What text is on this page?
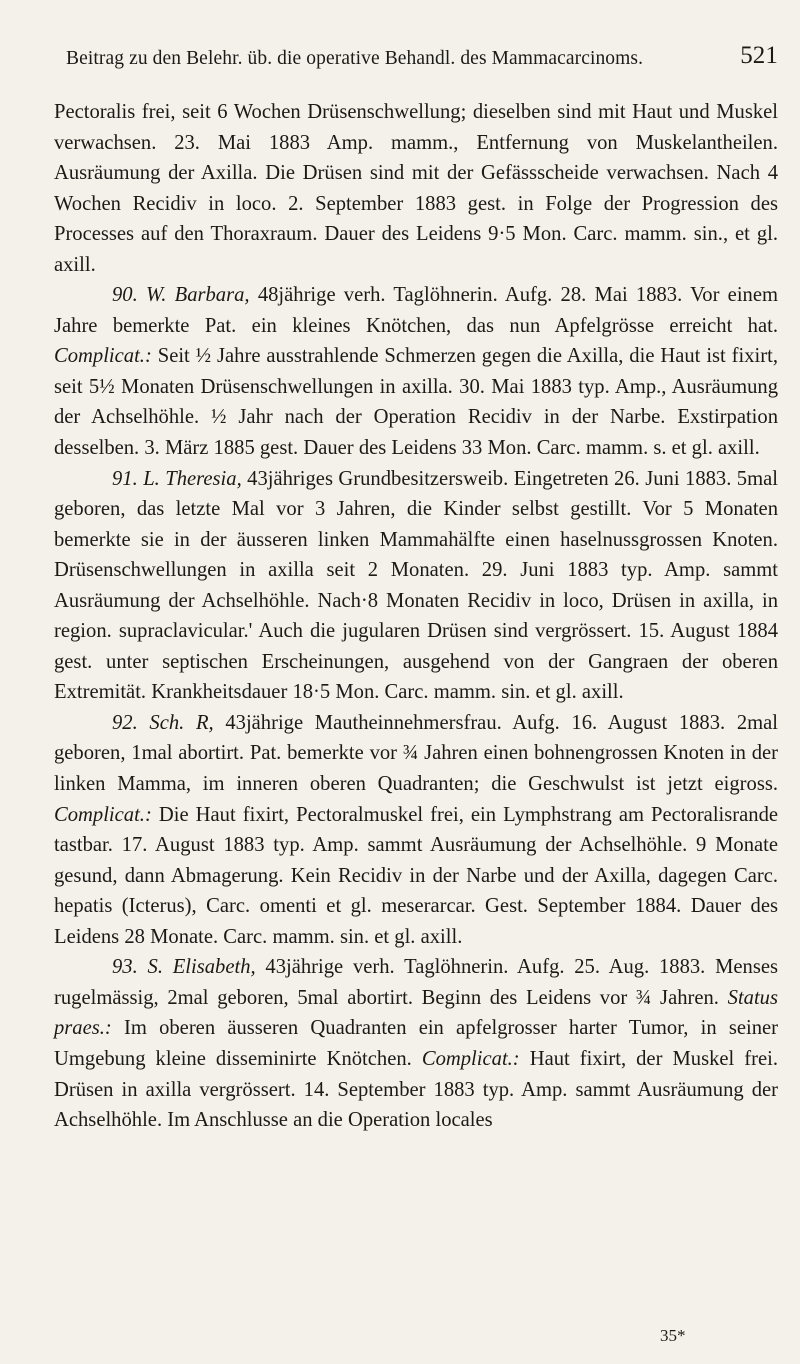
Beitrag zu den Belehr. üb. die operative Behandl. des Mammacarcinoms.	521

Pectoralis frei, seit 6 Wochen Drüsenschwellung; dieselben sind mit Haut und Muskel verwachsen. 23. Mai 1883 Amp. mamm., Entfernung von Muskelantheilen. Ausräumung der Axilla. Die Drüsen sind mit der Gefässscheide verwachsen. Nach 4 Wochen Recidiv in loco. 2. September 1883 gest. in Folge der Progression des Processes auf den Thoraxraum. Dauer des Leidens 9·5 Mon. Carc. mamm. sin., et gl. axill.

90. W. Barbara, 48jährige verh. Taglöhnerin. Aufg. 28. Mai 1883. Vor einem Jahre bemerkte Pat. ein kleines Knötchen, das nun Apfelgrösse erreicht hat. Complicat.: Seit ½ Jahre ausstrahlende Schmerzen gegen die Axilla, die Haut ist fixirt, seit 5½ Monaten Drüsenschwellungen in axilla. 30. Mai 1883 typ. Amp., Ausräumung der Achselhöhle. ½ Jahr nach der Operation Recidiv in der Narbe. Exstirpation desselben. 3. März 1885 gest. Dauer des Leidens 33 Mon. Carc. mamm. s. et gl. axill.

91. L. Theresia, 43jähriges Grundbesitzersweib. Eingetreten 26. Juni 1883. 5mal geboren, das letzte Mal vor 3 Jahren, die Kinder selbst gestillt. Vor 5 Monaten bemerkte sie in der äusseren linken Mammahälfte einen haselnussgrossen Knoten. Drüsenschwellungen in axilla seit 2 Monaten. 29. Juni 1883 typ. Amp. sammt Ausräumung der Achselhöhle. Nach·8 Monaten Recidiv in loco, Drüsen in axilla, in region. supraclavicular.' Auch die jugularen Drüsen sind vergrössert. 15. August 1884 gest. unter septischen Erscheinungen, ausgehend von der Gangraen der oberen Extremität. Krankheitsdauer 18·5 Mon. Carc. mamm. sin. et gl. axill.

92. Sch. R, 43jährige Mautheinnehmersfrau. Aufg. 16. August 1883. 2mal geboren, 1mal abortirt. Pat. bemerkte vor ¾ Jahren einen bohnengrossen Knoten in der linken Mamma, im inneren oberen Quadranten; die Geschwulst ist jetzt eigross. Complicat.: Die Haut fixirt, Pectoralmuskel frei, ein Lymphstrang am Pectoralisrande tastbar. 17. August 1883 typ. Amp. sammt Ausräumung der Achselhöhle. 9 Monate gesund, dann Abmagerung. Kein Recidiv in der Narbe und der Axilla, dagegen Carc. hepatis (Icterus), Carc. omenti et gl. meserarcar. Gest. September 1884. Dauer des Leidens 28 Monate. Carc. mamm. sin. et gl. axill.

93. S. Elisabeth, 43jährige verh. Taglöhnerin. Aufg. 25. Aug. 1883. Menses rugelmässig, 2mal geboren, 5mal abortirt. Beginn des Leidens vor ¾ Jahren. Status praes.: Im oberen äusseren Quadranten ein apfelgrosser harter Tumor, in seiner Umgebung kleine disseminirte Knötchen. Complicat.: Haut fixirt, der Muskel frei. Drüsen in axilla vergrössert. 14. September 1883 typ. Amp. sammt Ausräumung der Achselhöhle. Im Anschlusse an die Operation locales

35*
